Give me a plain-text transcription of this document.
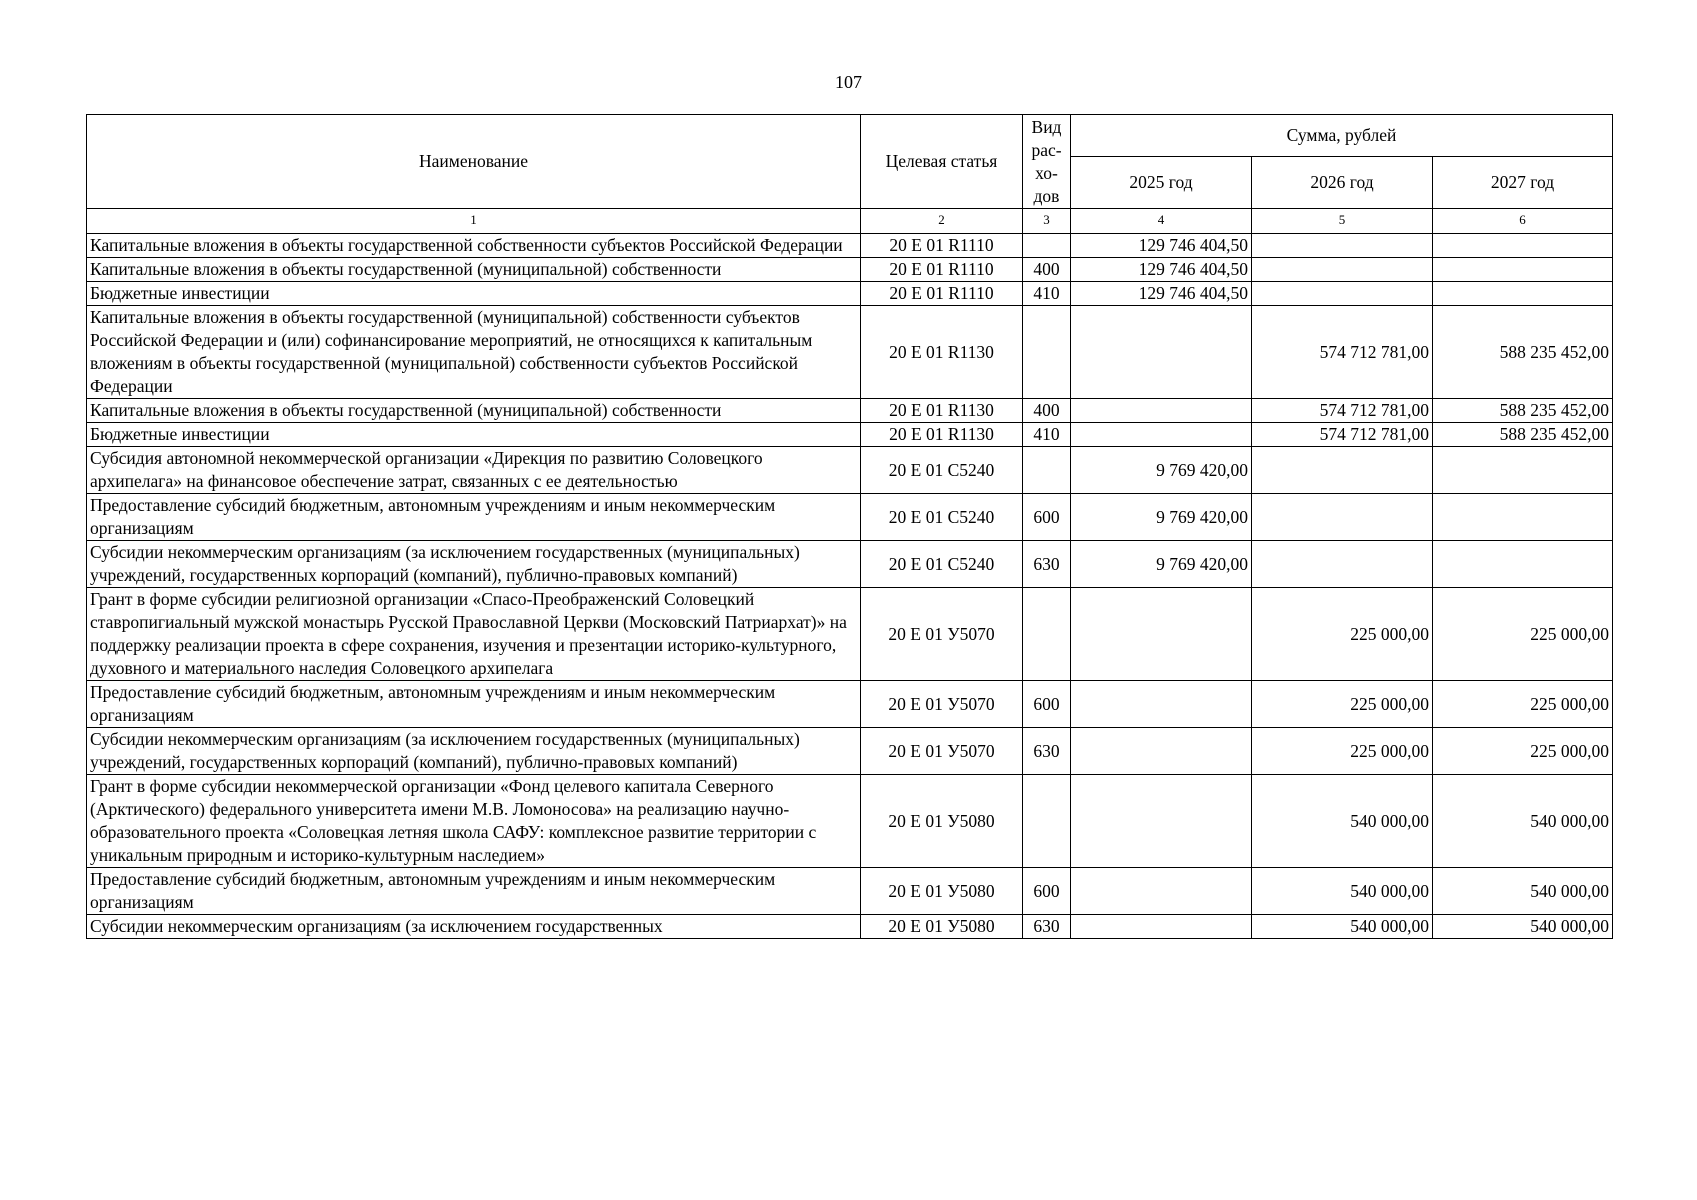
107
Наименование	Целевая статья	Вид
рас-
хо-
дов	Сумма, рублей		
			2025 год	2026 год	2027 год
1	2	3	4	5	6
Капитальные вложения в объекты государственной собственности субъектов Российской Федерации	20 Е 01 R1110		129 746 404,50		
Капитальные вложения в объекты государственной (муниципальной) собственности	20 Е 01 R1110	400	129 746 404,50		
Бюджетные инвестиции	20 Е 01 R1110	410	129 746 404,50		
Капитальные вложения в объекты государственной (муниципальной) собственности субъектов Российской Федерации и (или) софинансирование мероприятий, не относящихся к капитальным вложениям в объекты государственной (муниципальной) собственности субъектов Российской Федерации	20 Е 01 R1130			574 712 781,00	588 235 452,00
Капитальные вложения в объекты государственной (муниципальной) собственности	20 Е 01 R1130	400		574 712 781,00	588 235 452,00
Бюджетные инвестиции	20 Е 01 R1130	410		574 712 781,00	588 235 452,00
Субсидия автономной некоммерческой организации «Дирекция по развитию Соловецкого архипелага» на финансовое обеспечение затрат, связанных с ее деятельностью	20 Е 01 С5240		9 769 420,00		
Предоставление субсидий бюджетным, автономным учреждениям и иным некоммерческим организациям	20 Е 01 С5240	600	9 769 420,00		
Субсидии некоммерческим организациям (за исключением государственных (муниципальных) учреждений, государственных корпораций (компаний), публично-правовых компаний)	20 Е 01 С5240	630	9 769 420,00		
Грант в форме субсидии религиозной организации «Спасо-Преображенский Соловецкий ставропигиальный мужской монастырь Русской Православной Церкви (Московский Патриархат)» на поддержку реализации проекта в сфере сохранения, изучения и презентации историко-культурного, духовного и материального наследия Соловецкого архипелага	20 Е 01 У5070			225 000,00	225 000,00
Предоставление субсидий бюджетным, автономным учреждениям и иным некоммерческим организациям	20 Е 01 У5070	600		225 000,00	225 000,00
Субсидии некоммерческим организациям (за исключением государственных (муниципальных) учреждений, государственных корпораций (компаний), публично-правовых компаний)	20 Е 01 У5070	630		225 000,00	225 000,00
Грант в форме субсидии некоммерческой организации «Фонд целевого капитала Северного (Арктического) федерального университета имени М.В. Ломоносова» на реализацию научно-образовательного проекта «Соловецкая летняя школа САФУ: комплексное развитие территории с уникальным природным и историко-культурным наследием»	20 Е 01 У5080			540 000,00	540 000,00
Предоставление субсидий бюджетным, автономным учреждениям и иным некоммерческим организациям	20 Е 01 У5080	600		540 000,00	540 000,00
Субсидии некоммерческим организациям (за исключением государственных	20 Е 01 У5080	630		540 000,00	540 000,00
